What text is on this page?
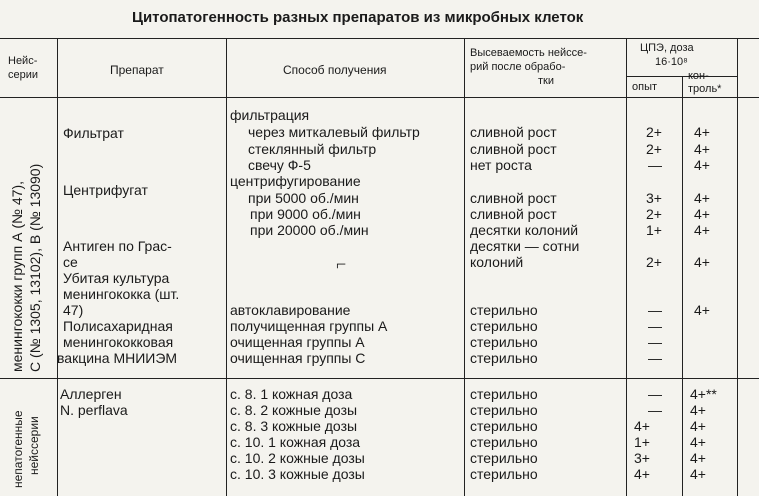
Цитопатогенность разных препаратов из микробных клеток
Нейс-
серии	Препарат	Способ получения
Высеваемость нейссе-
рий после обрабо-
тки
ЦПЭ, доза
16·10⁸
опыт
кон-
троль*
менингококки групп А (№ 47), С (№ 1305, 13102), В (№ 13090)
непатогенные нейссерии
Фильтрат
Центрифугат
Антиген по Грас-
се
Убитая культура
менингококка (шт.
47)
Полисахаридная
менингококковая
вакцина МНИИЭМ
Аллерген
N. perflava
фильтрация
через миткалевый фильтр
стеклянный фильтр
свечу Ф-5
центрифугирование
при 5000 об./мин
при 9000 об./мин
при 20000 об./мин
⌐
автоклавирование
получищенная группы А
очищенная группы А
очищенная группы С
с. 8. 1 кожная доза
с. 8. 2 кожные дозы
с. 8. 3 кожные дозы
с. 10. 1 кожная доза
с. 10. 2 кожные дозы
с. 10. 3 кожные дозы
сливной рост
сливной рост
нет роста
сливной рост
сливной рост
десятки колоний
десятки — сотни
колоний
стерильно
стерильно
стерильно
стерильно
стерильно
стерильно
стерильно
стерильно
стерильно
стерильно
2+
2+
—
3+
2+
1+
2+
—
—
—
—
—
—
4+
1+
3+
4+
4+
4+
4+
4+
4+
4+
4+
4+
4+**
4+
4+
4+
4+
4+
